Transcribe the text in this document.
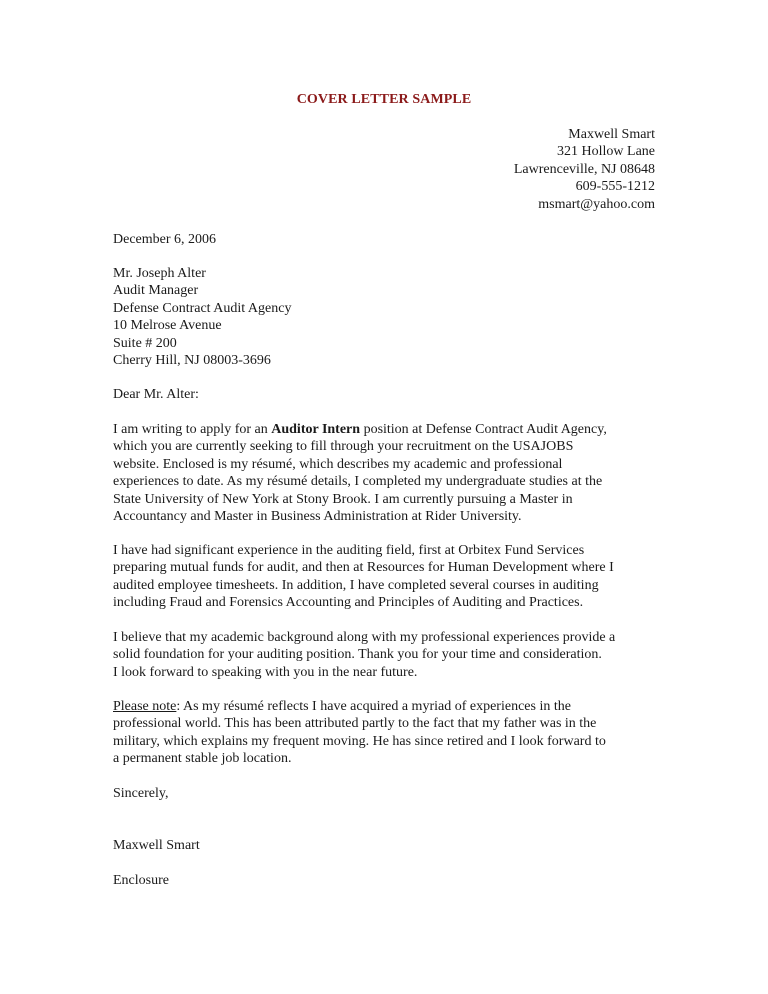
COVER LETTER SAMPLE
Maxwell Smart
321 Hollow Lane
Lawrenceville, NJ 08648
609-555-1212
msmart@yahoo.com
December 6, 2006
Mr. Joseph Alter
Audit Manager
Defense Contract Audit Agency
10 Melrose Avenue
Suite # 200
Cherry Hill, NJ 08003-3696
Dear Mr. Alter:
I am writing to apply for an Auditor Intern position at Defense Contract Audit Agency,
which you are currently seeking to fill through your recruitment on the USAJOBS
website. Enclosed is my résumé, which describes my academic and professional
experiences to date. As my résumé details, I completed my undergraduate studies at the
State University of New York at Stony Brook. I am currently pursuing a Master in
Accountancy and Master in Business Administration at Rider University.
I have had significant experience in the auditing field, first at Orbitex Fund Services
preparing mutual funds for audit, and then at Resources for Human Development where I
audited employee timesheets. In addition, I have completed several courses in auditing
including Fraud and Forensics Accounting and Principles of Auditing and Practices.
I believe that my academic background along with my professional experiences provide a
solid foundation for your auditing position. Thank you for your time and consideration.
I look forward to speaking with you in the near future.
Please note: As my résumé reflects I have acquired a myriad of experiences in the
professional world. This has been attributed partly to the fact that my father was in the
military, which explains my frequent moving. He has since retired and I look forward to
a permanent stable job location.
Sincerely,
Maxwell Smart
Enclosure
